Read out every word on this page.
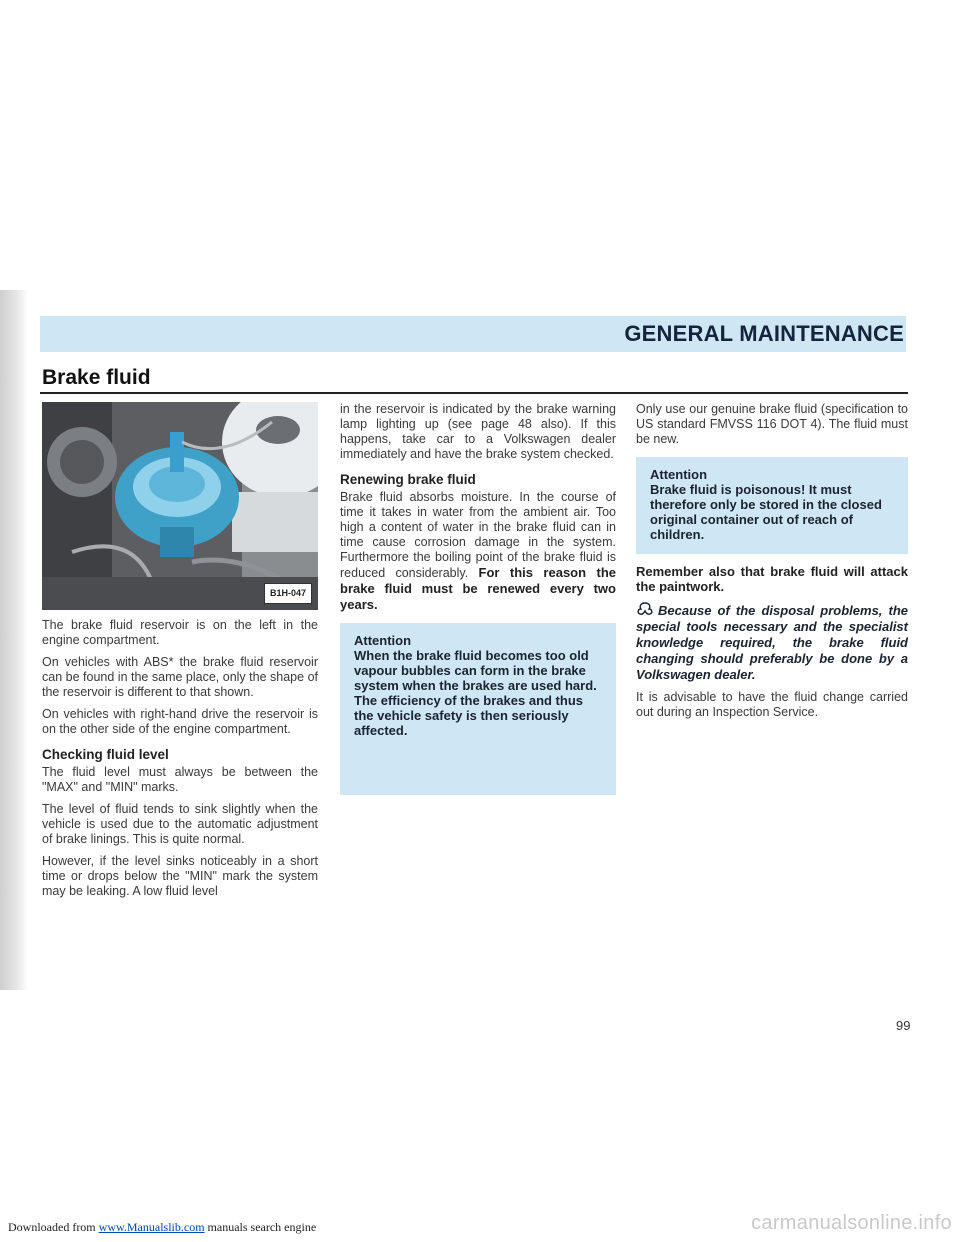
GENERAL MAINTENANCE
Brake fluid
B1H-047

The brake fluid reservoir is on the left in the engine compartment.

On vehicles with ABS* the brake fluid reservoir can be found in the same place, only the shape of the reservoir is different to that shown.

On vehicles with right-hand drive the reservoir is on the other side of the engine compartment.

Checking fluid level

The fluid level must always be between the "MAX" and "MIN" marks.

The level of fluid tends to sink slightly when the vehicle is used due to the automatic adjustment of brake linings. This is quite normal.

However, if the level sinks noticeably in a short time or drops below the "MIN" mark the system may be leaking. A low fluid level

in the reservoir is indicated by the brake warning lamp lighting up (see page 48 also). If this happens, take car to a Volkswagen dealer immediately and have the brake system checked.

Renewing brake fluid

Brake fluid absorbs moisture. In the course of time it takes in water from the ambient air. Too high a content of water in the brake fluid can in time cause corrosion damage in the system. Furthermore the boiling point of the brake fluid is reduced considerably. For this reason the brake fluid must be renewed every two years.

Attention
When the brake fluid becomes too old vapour bubbles can form in the brake system when the brakes are used hard. The efficiency of the brakes and thus the vehicle safety is then seriously affected.

Only use our genuine brake fluid (specification to US standard FMVSS 116 DOT 4). The fluid must be new.

Attention
Brake fluid is poisonous! It must therefore only be stored in the closed original container out of reach of children.

Remember also that brake fluid will attack the paintwork.

Because of the disposal problems, the special tools necessary and the specialist knowledge required, the brake fluid changing should preferably be done by a Volkswagen dealer.

It is advisable to have the fluid change carried out during an Inspection Service.

99
Downloaded from www.Manualslib.com manuals search engine	carmanualsonline.info
